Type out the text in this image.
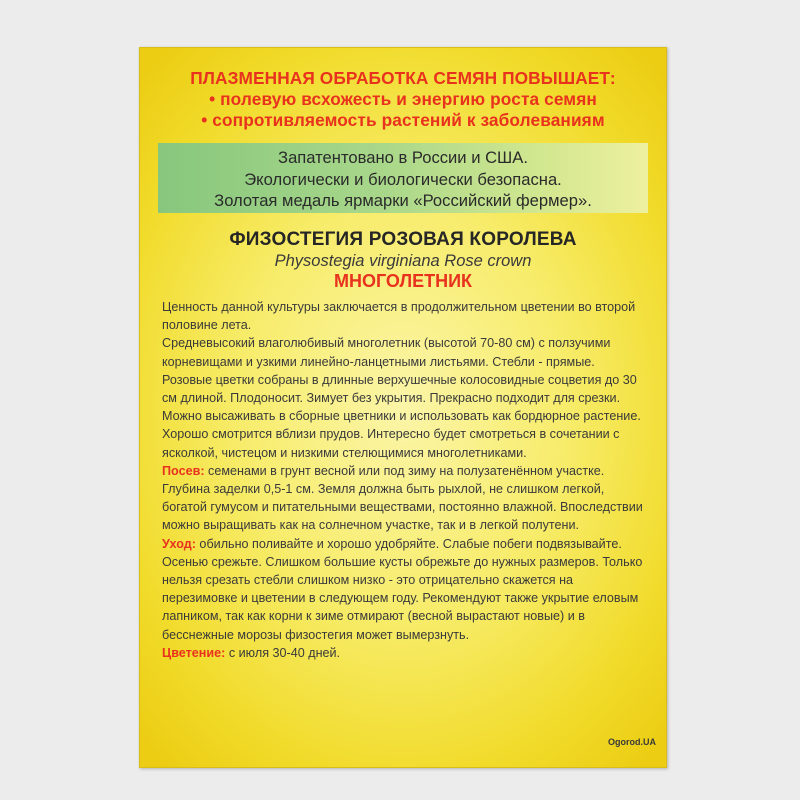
ПЛАЗМЕННАЯ ОБРАБОТКА СЕМЯН ПОВЫШАЕТ:
• полевую всхожесть и энергию роста семян
• сопротивляемость растений к заболеваниям
Запатентовано в России и США.
Экологически и биологически безопасна.
Золотая медаль ярмарки «Российский фермер».
ФИЗОСТЕГИЯ РОЗОВАЯ КОРОЛЕВА
Physostegia virginiana Rose crown
МНОГОЛЕТНИК

Ценность данной культуры заключается в продолжительном цветении во второй половине лета.

Средневысокий влаголюбивый многолетник (высотой 70-80 см) с ползучими корневищами и узкими линейно-ланцетными листьями. Стебли - прямые. Розовые цветки собраны в длинные верхушечные колосовидные соцветия до 30 см длиной. Плодоносит. Зимует без укрытия. Прекрасно подходит для срезки. Можно высаживать в сборные цветники и использовать как бордюрное растение. Хорошо смотрится вблизи прудов. Интересно будет смотреться в сочетании с ясколкой, чистецом и низкими стелющимися многолетниками.

Посев: семенами в грунт весной или под зиму на полузатенённом участке. Глубина заделки 0,5-1 см. Земля должна быть рыхлой, не слишком легкой, богатой гумусом и питательными веществами, постоянно влажной. Впоследствии можно выращивать как на солнечном участке, так и в легкой полутени.

Уход: обильно поливайте и хорошо удобряйте. Слабые побеги подвязывайте. Осенью срежьте. Слишком большие кусты обрежьте до нужных размеров. Только нельзя срезать стебли слишком низко - это отрицательно скажется на перезимовке и цветении в следующем году. Рекомендуют также укрытие еловым лапником, так как корни к зиме отмирают (весной вырастают новые) и в бесснежные морозы физостегия может вымерзнуть.

Цветение: с июля 30-40 дней.

Ogorod.UA
